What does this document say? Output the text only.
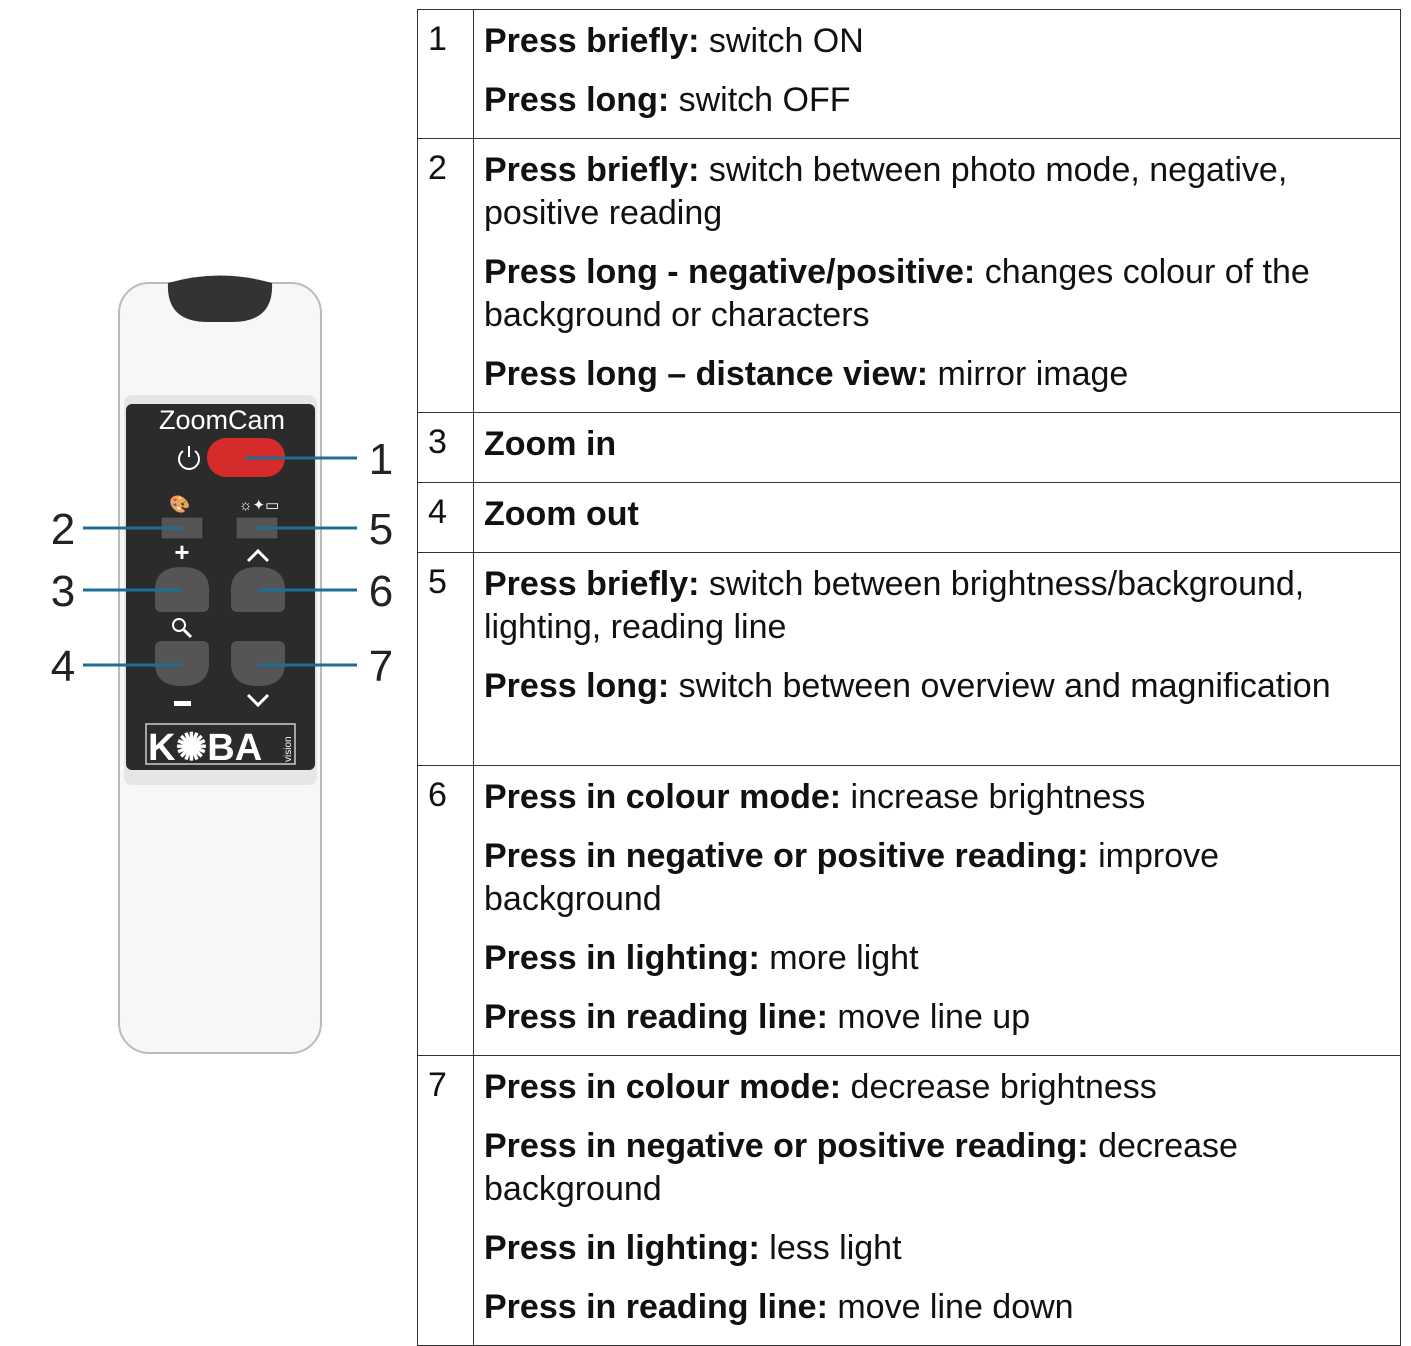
ZoomCam
🎨	☼✦▭
+
K✺BA vision
1
2
3
4
5
6
7
1	Press briefly: switch ON
Press long: switch OFF

2	Press briefly: switch between photo mode, negative, positive reading
Press long - negative/positive: changes colour of the background or characters
Press long – distance view: mirror image

3	Zoom in

4	Zoom out

5	Press briefly: switch between brightness/background, lighting, reading line
Press long: switch between overview and magnification

6	Press in colour mode: increase brightness
Press in negative or positive reading: improve background
Press in lighting: more light
Press in reading line: move line up

7	Press in colour mode: decrease brightness
Press in negative or positive reading: decrease background
Press in lighting: less light
Press in reading line: move line down
